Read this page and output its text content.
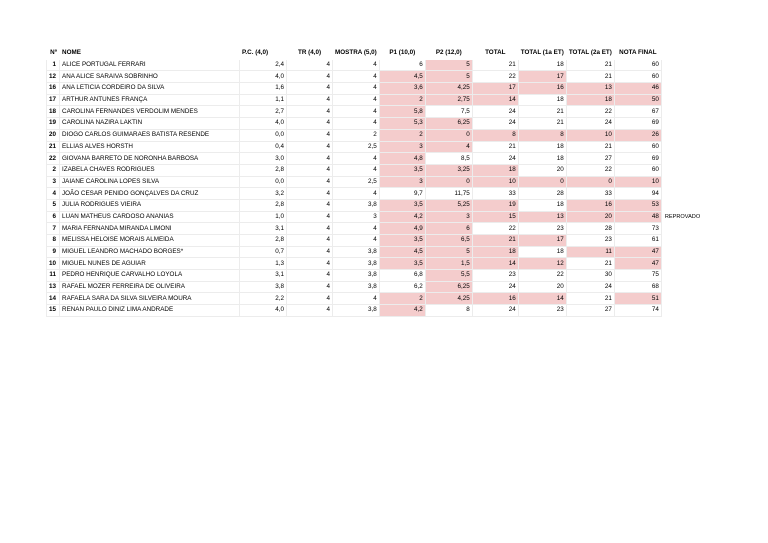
Nº	NOME	P.C. (4,0)	TR (4,0)	MOSTRA (5,0)	P1 (10,0)	P2 (12,0)	TOTAL	TOTAL (1a ET)	TOTAL (2a ET)	NOTA FINAL	
1	ALICE PORTUGAL FERRARI	2,4	4	4	6	5	21	18	21	60	
12	ANA ALICE SARAIVA SOBRINHO	4,0	4	4	4,5	5	22	17	21	60	
16	ANA LETICIA CORDEIRO DA SILVA	1,6	4	4	3,6	4,25	17	16	13	46	
17	ARTHUR ANTUNES FRANÇA	1,1	4	4	2	2,75	14	18	18	50	
18	CAROLINA FERNANDES VERDOLIM MENDES	2,7	4	4	5,8	7,5	24	21	22	67	
19	CAROLINA NAZIRA LAKTIN	4,0	4	4	5,3	6,25	24	21	24	69	
20	DIOGO CARLOS GUIMARAES BATISTA RESENDE	0,0	4	2	2	0	8	8	10	26	
21	ELLIAS ALVES HORSTH	0,4	4	2,5	3	4	21	18	21	60	
22	GIOVANA BARRETO DE NORONHA BARBOSA	3,0	4	4	4,8	8,5	24	18	27	69	
2	IZABELA CHAVES RODRIGUES	2,8	4	4	3,5	3,25	18	20	22	60	
3	JAIANE CAROLINA LOPES SILVA	0,0	4	2,5	3	0	10	0	0	10	
4	JOÃO CESAR PENIDO GONÇALVES DA CRUZ	3,2	4	4	9,7	11,75	33	28	33	94	
5	JULIA RODRIGUES VIEIRA	2,8	4	3,8	3,5	5,25	19	18	16	53	
6	LUAN MATHEUS CARDOSO ANANIAS	1,0	4	3	4,2	3	15	13	20	48	REPROVADO
7	MARIA FERNANDA MIRANDA LIMONI	3,1	4	4	4,9	6	22	23	28	73	
8	MELISSA HELOISE MORAIS ALMEIDA	2,8	4	4	3,5	6,5	21	17	23	61	
9	MIGUEL LEANDRO MACHADO BORGES*	0,7	4	3,8	4,5	5	18	18	11	47	
10	MIGUEL NUNES DE AGUIAR	1,3	4	3,8	3,5	1,5	14	12	21	47	
11	PEDRO HENRIQUE CARVALHO LOYOLA	3,1	4	3,8	6,8	5,5	23	22	30	75	
13	RAFAEL MOZER FERREIRA DE OLIVEIRA	3,8	4	3,8	6,2	6,25	24	20	24	68	
14	RAFAELA SARA DA SILVA SILVEIRA MOURA	2,2	4	4	2	4,25	16	14	21	51	
15	RENAN PAULO DINIZ LIMA ANDRADE	4,0	4	3,8	4,2	8	24	23	27	74	
